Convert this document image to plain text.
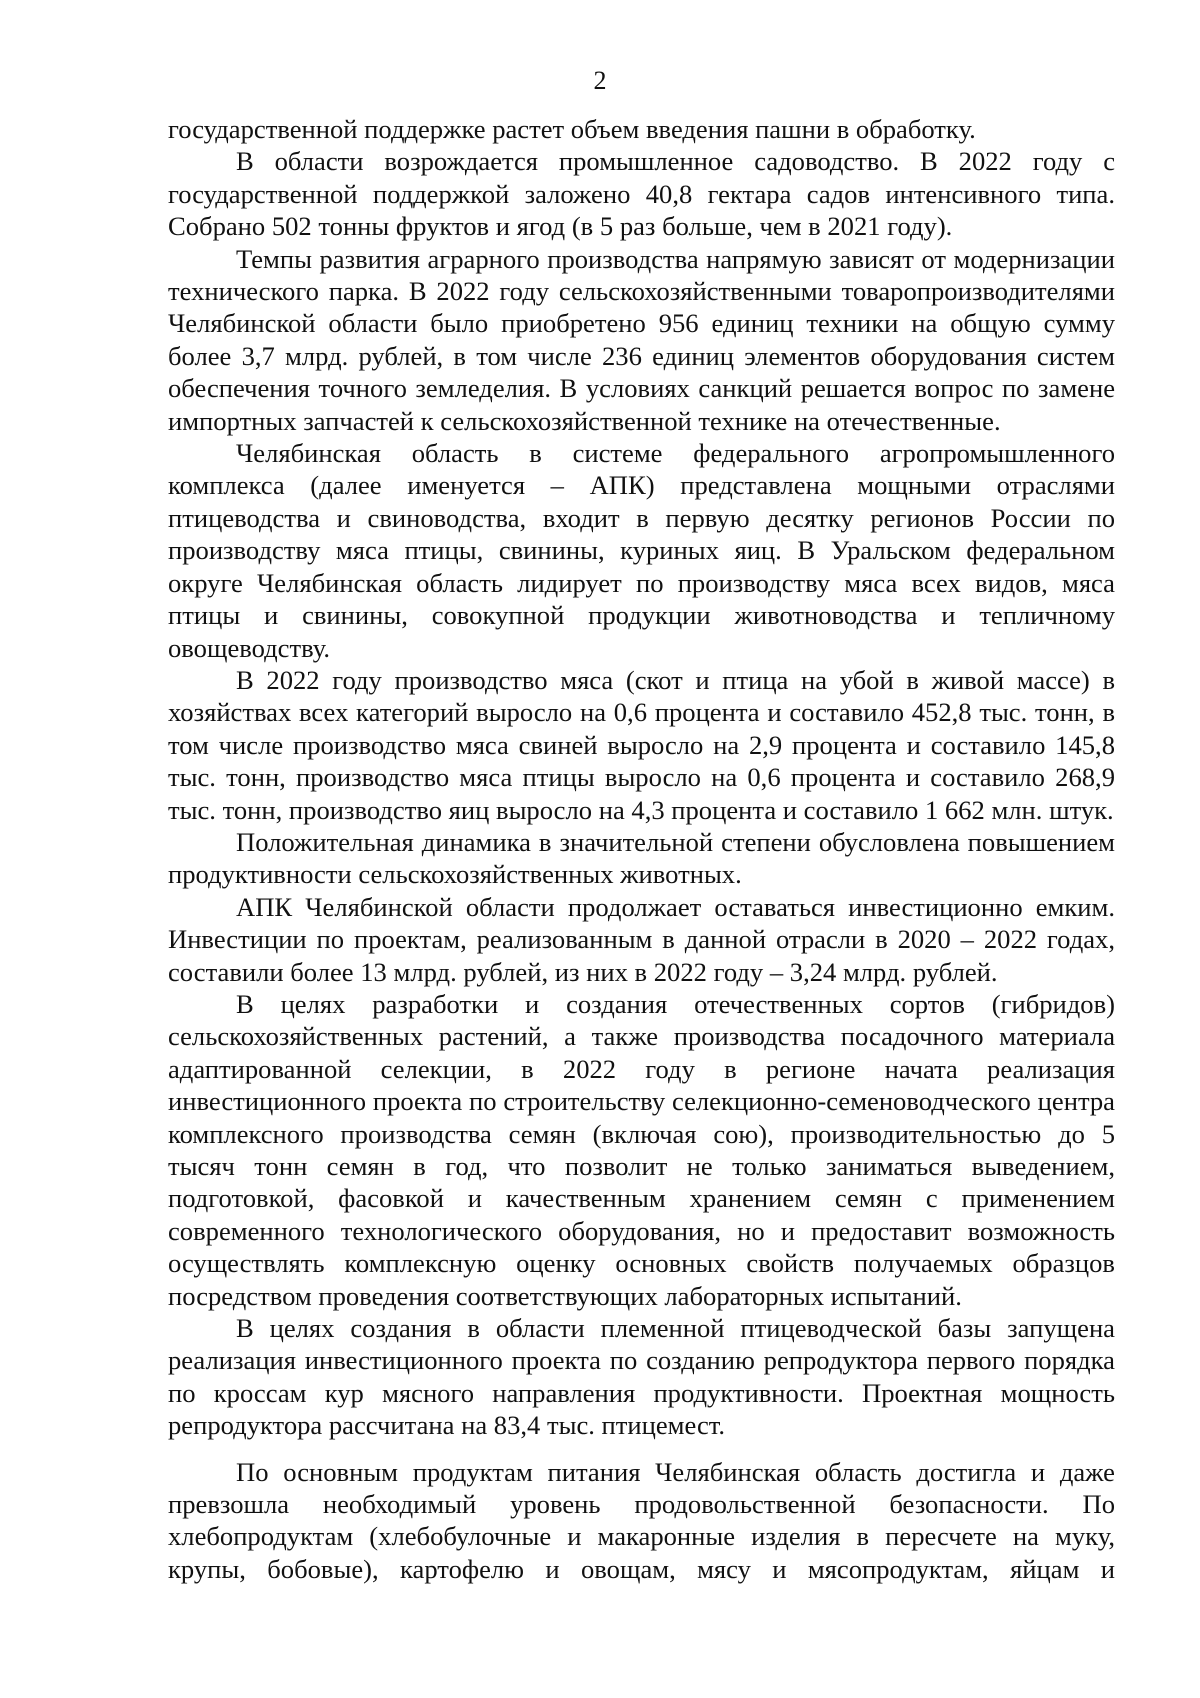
2

государственной поддержке растет объем введения пашни в обработку.

В области возрождается промышленное садоводство. В 2022 году с государственной поддержкой заложено 40,8 гектара садов интенсивного типа. Собрано 502 тонны фруктов и ягод (в 5 раз больше, чем в 2021 году).

Темпы развития аграрного производства напрямую зависят от модернизации технического парка. В 2022 году сельскохозяйственными товаропроизводителями Челябинской области было приобретено 956 единиц техники на общую сумму более 3,7 млрд. рублей, в том числе 236 единиц элементов оборудования систем обеспечения точного земледелия. В условиях санкций решается вопрос по замене импортных запчастей к сельскохозяйственной технике на отечественные.

Челябинская область в системе федерального агропромышленного комплекса (далее именуется – АПК) представлена мощными отраслями птицеводства и свиноводства, входит в первую десятку регионов России по производству мяса птицы, свинины, куриных яиц. В Уральском федеральном округе Челябинская область лидирует по производству мяса всех видов, мяса птицы и свинины, совокупной продукции животноводства и тепличному овощеводству.

В 2022 году производство мяса (скот и птица на убой в живой массе) в хозяйствах всех категорий выросло на 0,6 процента и составило 452,8 тыс. тонн, в том числе производство мяса свиней выросло на 2,9 процента и составило 145,8 тыс. тонн, производство мяса птицы выросло на 0,6 процента и составило 268,9 тыс. тонн, производство яиц выросло на 4,3 процента и составило 1 662 млн. штук.

Положительная динамика в значительной степени обусловлена повышением продуктивности сельскохозяйственных животных.

АПК Челябинской области продолжает оставаться инвестиционно емким. Инвестиции по проектам, реализованным в данной отрасли в 2020 – 2022 годах, составили более 13 млрд. рублей, из них в 2022 году – 3,24 млрд. рублей.

В целях разработки и создания отечественных сортов (гибридов) сельскохозяйственных растений, а также производства посадочного материала адаптированной селекции, в 2022 году в регионе начата реализация инвестиционного проекта по строительству селекционно-семеноводческого центра комплексного производства семян (включая сою), производительностью до 5 тысяч тонн семян в год, что позволит не только заниматься выведением, подготовкой, фасовкой и качественным хранением семян с применением современного технологического оборудования, но и предоставит возможность осуществлять комплексную оценку основных свойств получаемых образцов посредством проведения соответствующих лабораторных испытаний.

В целях создания в области племенной птицеводческой базы запущена реализация инвестиционного проекта по созданию репродуктора первого порядка по кроссам кур мясного направления продуктивности. Проектная мощность репродуктора рассчитана на 83,4 тыс. птицемест.

По основным продуктам питания Челябинская область достигла и даже превзошла необходимый уровень продовольственной безопасности. По хлебопродуктам (хлебобулочные и макаронные изделия в пересчете на муку, крупы, бобовые), картофелю и овощам, мясу и мясопродуктам, яйцам и
